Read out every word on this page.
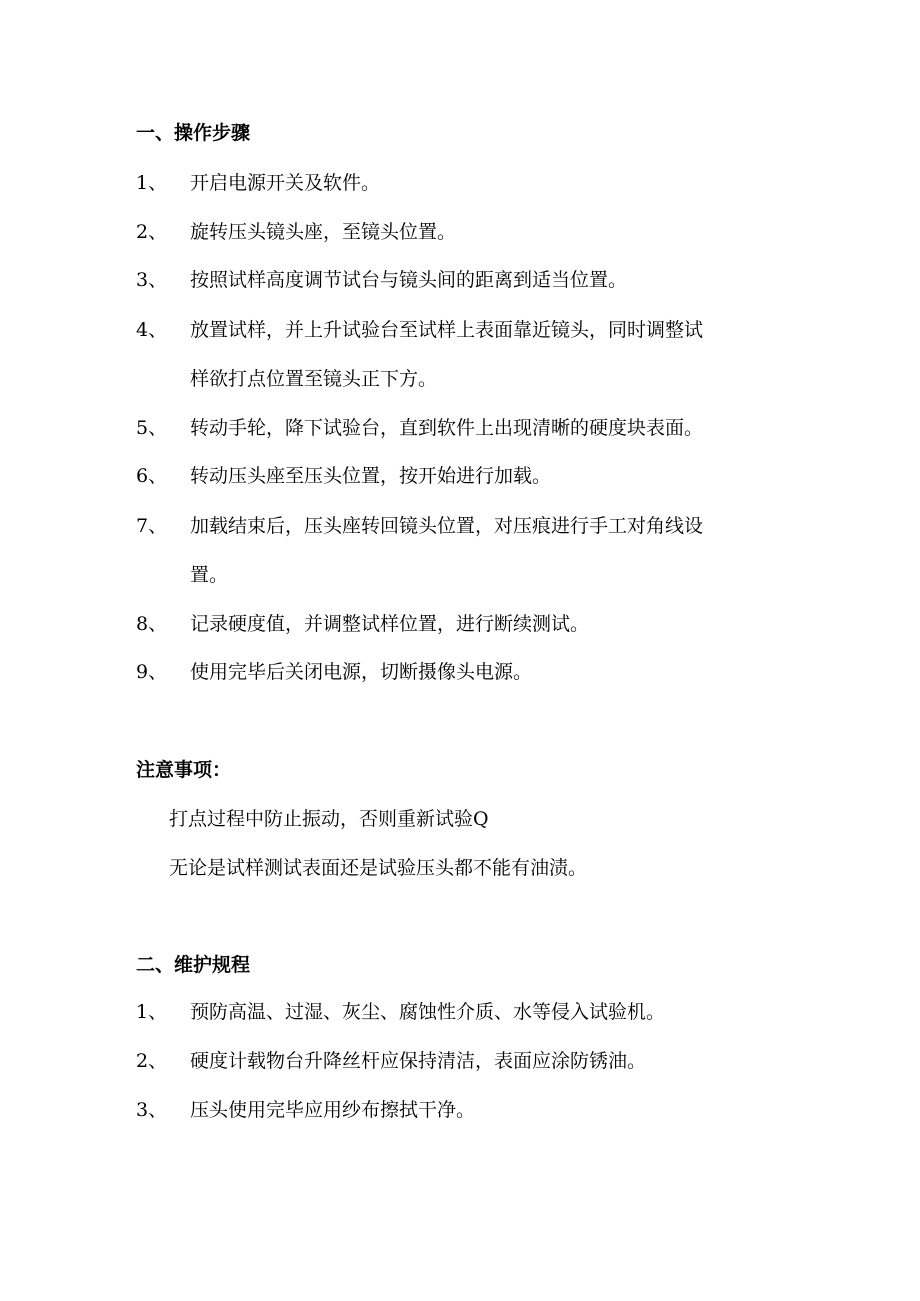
一、操作步骤
1、 开启电源开关及软件。
2、 旋转压头镜头座，至镜头位置。
3、 按照试样高度调节试台与镜头间的距离到适当位置。
4、 放置试样，并上升试验台至试样上表面靠近镜头，同时调整试
样欲打点位置至镜头正下方。
5、 转动手轮，降下试验台，直到软件上出现清晰的硬度块表面。
6、 转动压头座至压头位置，按开始进行加载。
7、 加载结束后，压头座转回镜头位置，对压痕进行手工对角线设
置。
8、 记录硬度值，并调整试样位置，进行断续测试。
9、 使用完毕后关闭电源，切断摄像头电源。
注意事项：
打点过程中防止振动，否则重新试验Q
无论是试样测试表面还是试验压头都不能有油渍。
二、维护规程
1、 预防高温、过湿、灰尘、腐蚀性介质、水等侵入试验机。
2、 硬度计载物台升降丝杆应保持清洁，表面应涂防锈油。
3、 压头使用完毕应用纱布擦拭干净。
